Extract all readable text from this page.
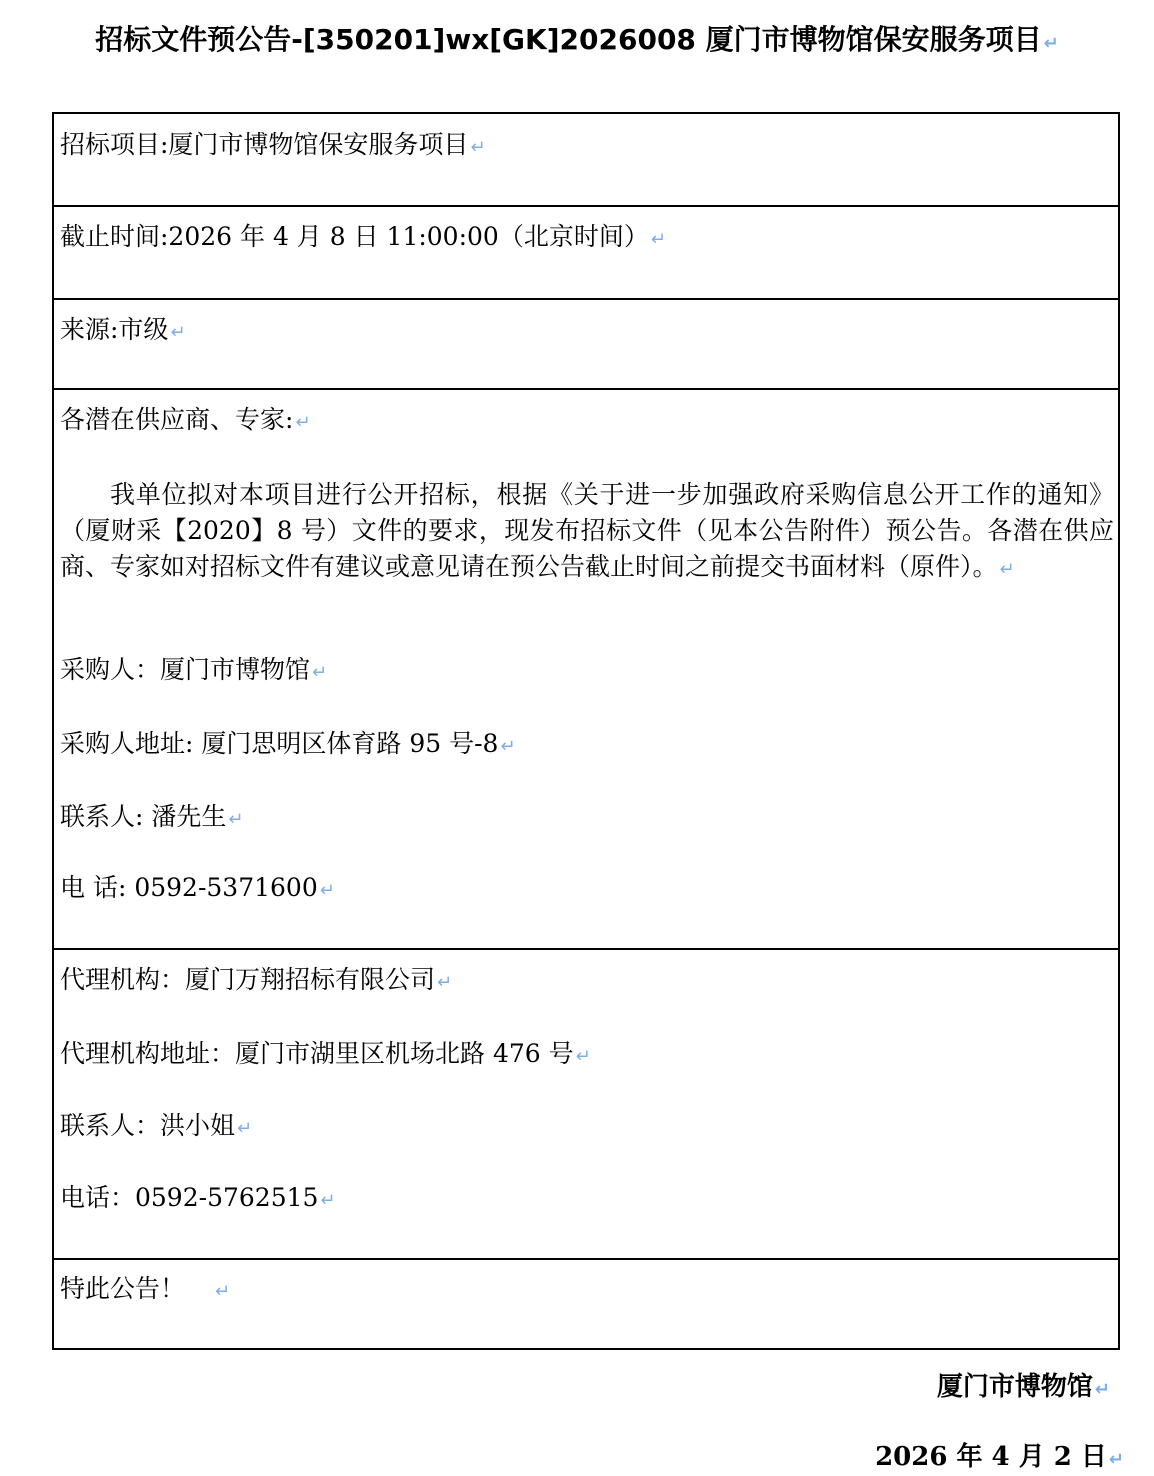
招标文件预公告-[350201]wx[GK]2026008 厦门市博物馆保安服务项目 ↵
招标项目:厦门市博物馆保安服务项目 ↵
截止时间:2026 年 4 月 8 日 11:00:00（北京时间） ↵
来源:市级 ↵
各潜在供应商、专家: ↵
我单位拟对本项目进行公开招标，根据《关于进一步加强政府采购信息公开工作的通知》（厦财采【2020】8 号）文件的要求，现发布招标文件（见本公告附件）预公告。各潜在供应商、专家如对招标文件有建议或意见请在预公告截止时间之前提交书面材料（原件）。 ↵
采购人：厦门市博物馆 ↵
采购人地址: 厦门思明区体育路 95 号-8 ↵
联系人: 潘先生 ↵
电 话: 0592-5371600 ↵
代理机构：厦门万翔招标有限公司 ↵
代理机构地址：厦门市湖里区机场北路 476 号 ↵
联系人：洪小姐 ↵
电话：0592-5762515 ↵
特此公告！ ↵
厦门市博物馆 ↵
2026 年 4 月 2 日 ↵
